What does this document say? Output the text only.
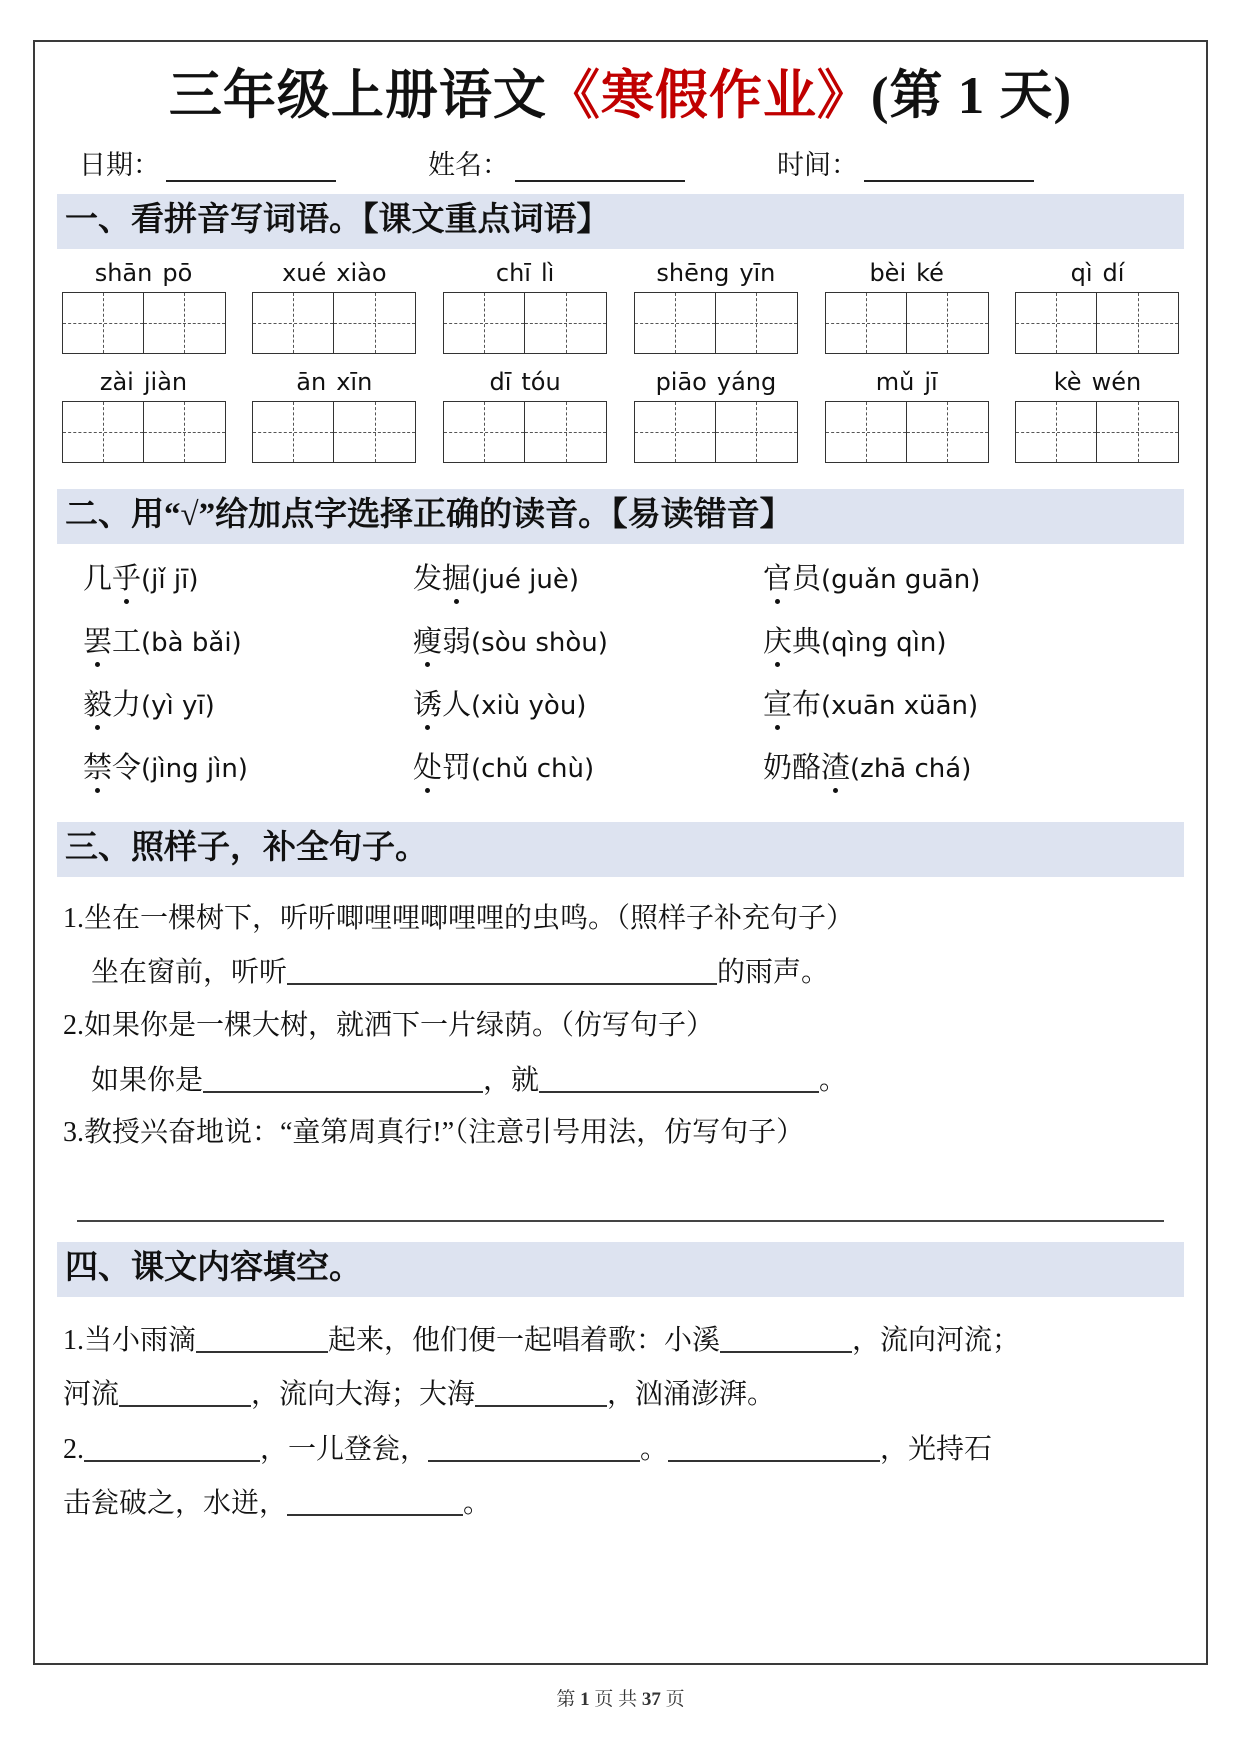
三年级上册语文《寒假作业》(第 1 天)
日期：	姓名：	时间：
一、看拼音写词语。【课文重点词语】
shān pō	xué xiào	chī lì	shēng yīn	bèi ké	qì dí
zài jiàn	ān xīn	dī tóu	piāo yáng	mǔ jī	kè wén
二、用“√”给加点字选择正确的读音。【易读错音】
几乎(jǐ jī)	发掘(jué juè)	官员(guǎn guān)
罢工(bà bǎi)	瘦弱(sòu shòu)	庆典(qìng qìn)
毅力(yì yī)	诱人(xiù yòu)	宣布(xuān xüān)
禁令(jìng jìn)	处罚(chǔ chù)	奶酪渣(zhā chá)
三、照样子，补全句子。
1.坐在一棵树下，听听唧哩哩唧哩哩的虫鸣。（照样子补充句子）
坐在窗前，听听	的雨声。
2.如果你是一棵大树，就洒下一片绿荫。（仿写句子）
如果你是	，就	。
3.教授兴奋地说：“童第周真行!”（注意引号用法，仿写句子）
四、课文内容填空。
1.当小雨滴	起来，他们便一起唱着歌：小溪	，流向河流；
河流	，流向大海；大海	，汹涌澎湃。
2.	，一儿登瓮，	。	，光持石
击瓮破之，水迸，	。
第 1 页 共 37 页
